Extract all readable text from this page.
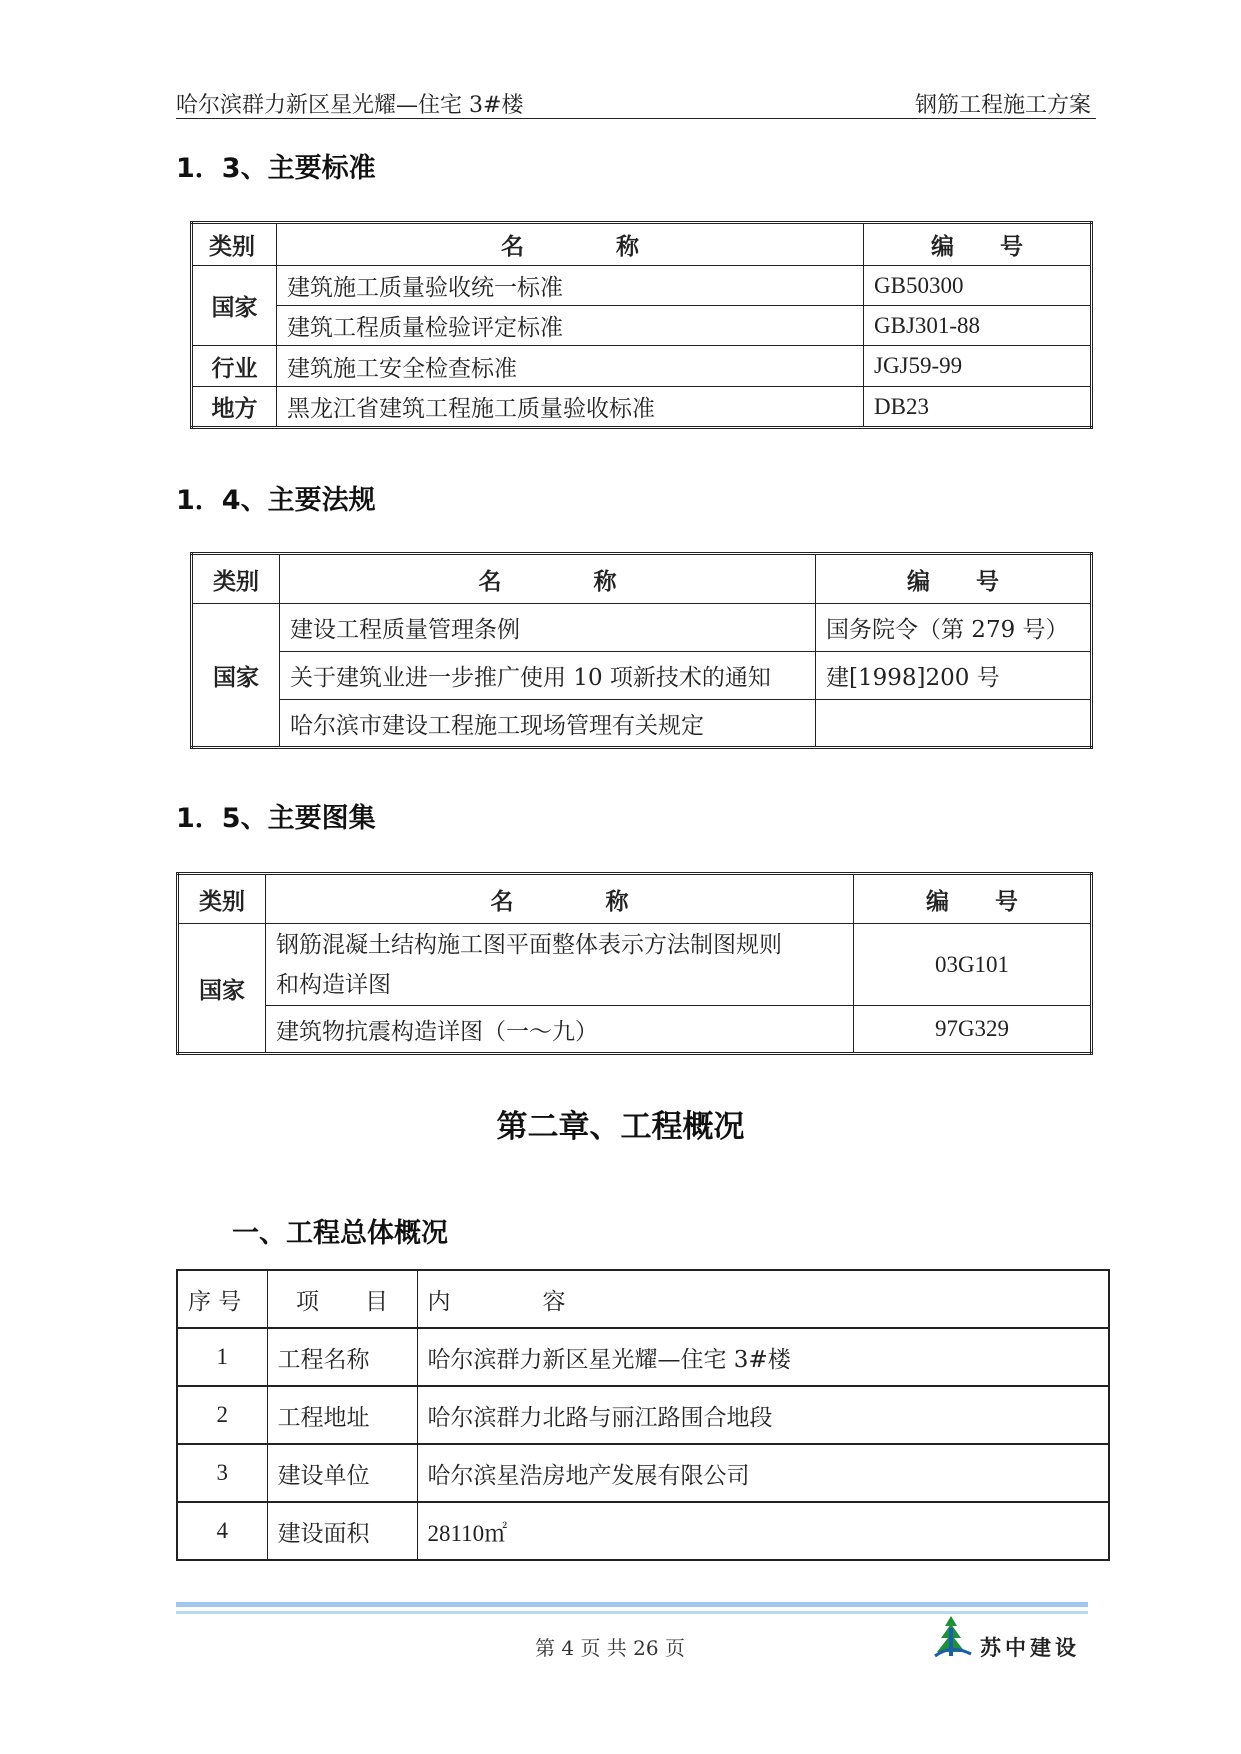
哈尔滨群力新区星光耀—住宅 3#楼	钢筋工程施工方案
1．3、主要标准
类别	名　　　　称	编　　号
国家	建筑施工质量验收统一标准	GB50300
	建筑工程质量检验评定标准	GBJ301-88
行业	建筑施工安全检查标准	JGJ59-99
地方	黑龙江省建筑工程施工质量验收标准	DB23
1．4、主要法规
类别	名　　　　称	编　　号
国家	建设工程质量管理条例	国务院令（第 279 号）
	关于建筑业进一步推广使用 10 项新技术的通知	建[1998]200 号
	哈尔滨市建设工程施工现场管理有关规定	
1．5、主要图集
类别	名　　　　称	编　　号
国家	钢筋混凝土结构施工图平面整体表示方法制图规则
和构造详图	03G101
	建筑物抗震构造详图（一～九）	97G329
第二章、工程概况
一、工程总体概况
序 号	项　　目	内　　　　容
1	工程名称	哈尔滨群力新区星光耀—住宅 3#楼
2	工程地址	哈尔滨群力北路与丽江路围合地段
3	建设单位	哈尔滨星浩房地产发展有限公司
4	建设面积	28110㎡
第 4 页 共 26 页	苏中建设
